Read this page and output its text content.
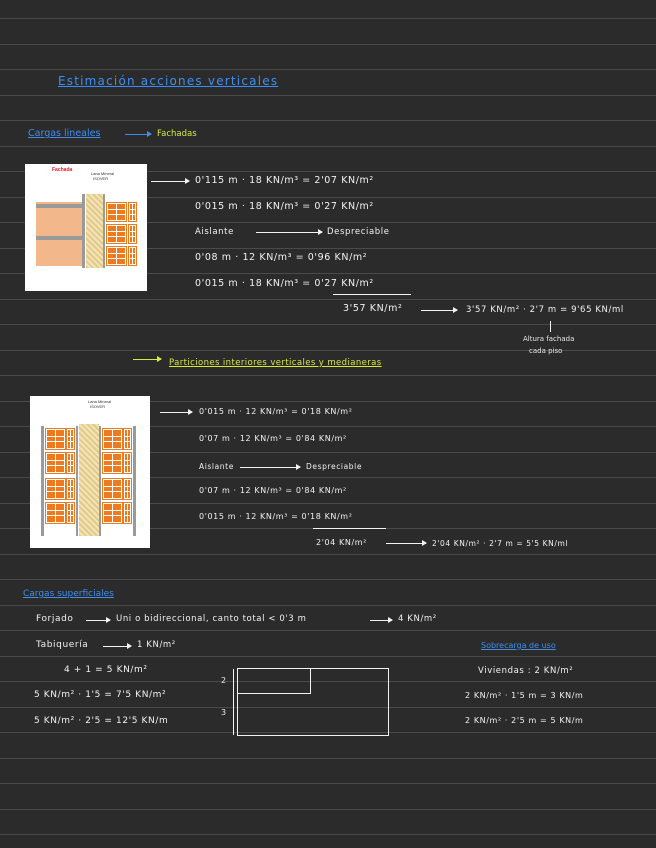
Estimación acciones verticales
Cargas lineales	Fachadas
Fachada
Lana Mineral
ISOVER	0'115 m · 18 KN/m³ = 2'07 KN/m²
0'015 m · 18 KN/m³ = 0'27 KN/m²
Aislante	Despreciable
0'08 m · 12 KN/m³ = 0'96 KN/m²
0'015 m · 18 KN/m³ = 0'27 KN/m²
3'57 KN/m²	3'57 KN/m² · 2'7 m = 9'65 KN/ml
Altura fachada
cada piso
Particiones interiores verticales y medianeras
Lana Mineral
ISOVER
0'015 m · 12 KN/m³ = 0'18 KN/m²
0'07 m · 12 KN/m³ = 0'84 KN/m²
Aislante	Despreciable
0'07 m · 12 KN/m³ = 0'84 KN/m²
0'015 m · 12 KN/m³ = 0'18 KN/m²
2'04 KN/m²	2'04 KN/m² · 2'7 m = 5'5 KN/ml
Cargas superficiales
Forjado	Uni o bidireccional, canto total < 0'3 m	4 KN/m²
Tabiquería	1 KN/m²
4 + 1 = 5 KN/m²
5 KN/m² · 1'5 = 7'5 KN/m²
5 KN/m² · 2'5 = 12'5 KN/m
2
3
Sobrecarga de uso
Viviendas : 2 KN/m²
2 KN/m² · 1'5 m = 3 KN/m
2 KN/m² · 2'5 m = 5 KN/m
